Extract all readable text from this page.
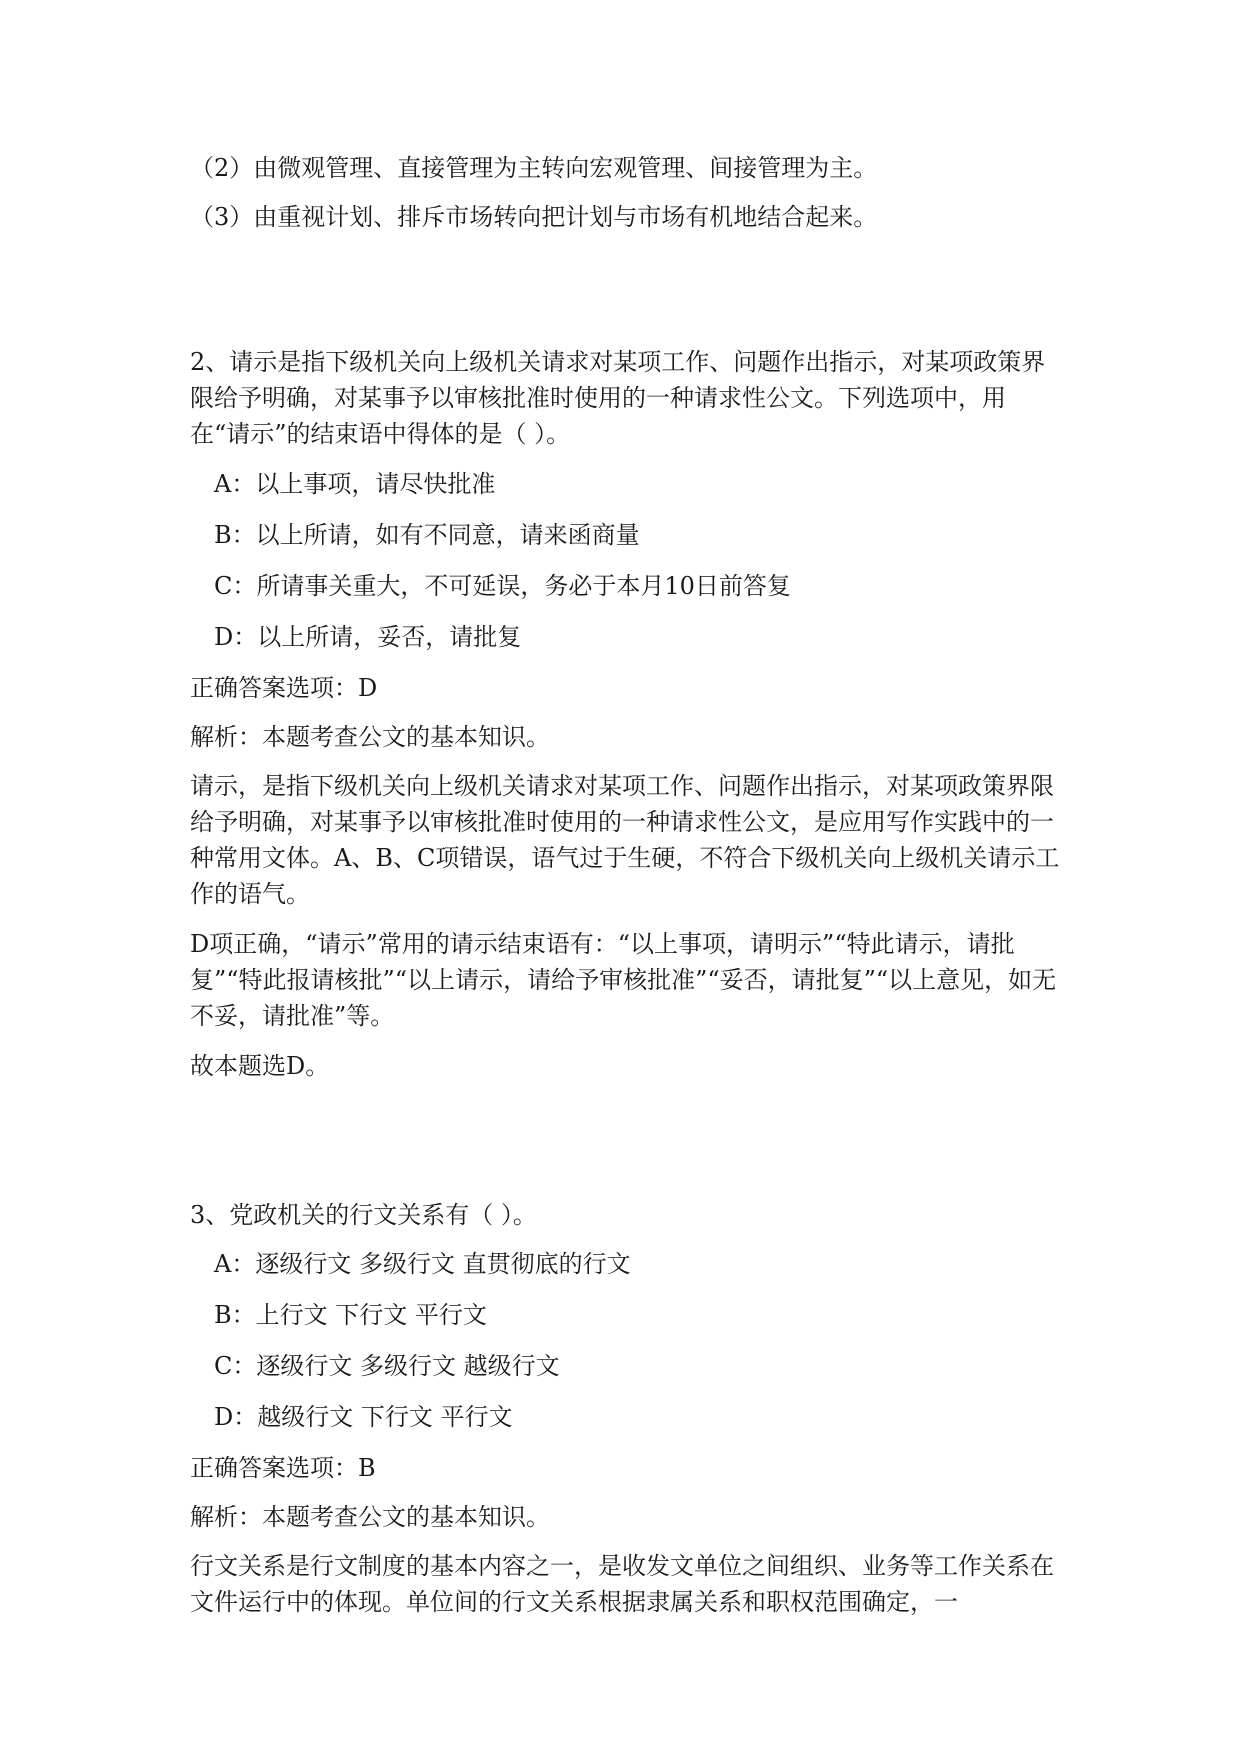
（2）由微观管理、直接管理为主转向宏观管理、间接管理为主。
（3）由重视计划、排斥市场转向把计划与市场有机地结合起来。
2、请示是指下级机关向上级机关请求对某项工作、问题作出指示，对某项政策界限给予明确，对某事予以审核批准时使用的一种请求性公文。下列选项中，用在“请示”的结束语中得体的是（ ）。
A：以上事项，请尽快批准
B：以上所请，如有不同意，请来函商量
C：所请事关重大，不可延误，务必于本月10日前答复
D：以上所请，妥否，请批复
正确答案选项：D
解析：本题考查公文的基本知识。
请示，是指下级机关向上级机关请求对某项工作、问题作出指示，对某项政策界限给予明确，对某事予以审核批准时使用的一种请求性公文，是应用写作实践中的一种常用文体。A、B、C项错误，语气过于生硬，不符合下级机关向上级机关请示工作的语气。
D项正确，“请示”常用的请示结束语有：“以上事项，请明示”“特此请示，请批复”“特此报请核批”“以上请示，请给予审核批准”“妥否，请批复”“以上意见，如无不妥，请批准”等。
故本题选D。
3、党政机关的行文关系有（ ）。
A：逐级行文 多级行文 直贯彻底的行文
B：上行文 下行文 平行文
C：逐级行文 多级行文 越级行文
D：越级行文 下行文 平行文
正确答案选项：B
解析：本题考查公文的基本知识。
行文关系是行文制度的基本内容之一，是收发文单位之间组织、业务等工作关系在文件运行中的体现。单位间的行文关系根据隶属关系和职权范围确定，一
